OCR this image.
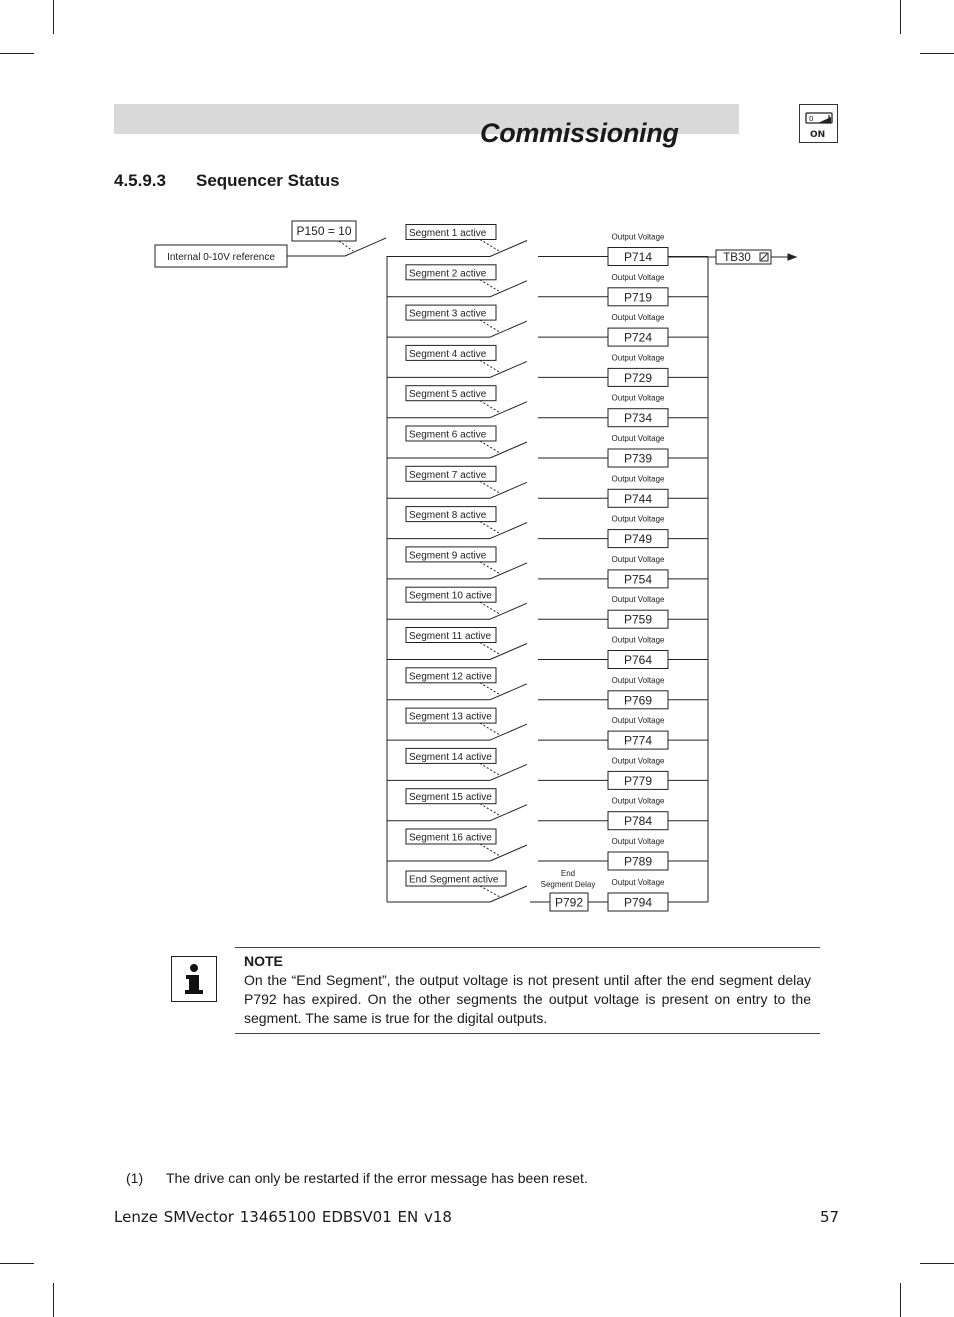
Commissioning	0
ON
4.5.9.3 Sequencer Status
P150 = 10
Internal 0-10V reference	TB30
Segment 1 active
P714
Output Voltage
Segment 2 active
P719
Output Voltage
Segment 3 active
P724
Output Voltage
Segment 4 active
P729
Output Voltage
Segment 5 active
P734
Output Voltage
Segment 6 active
P739
Output Voltage
Segment 7 active
P744
Output Voltage
Segment 8 active
P749
Output Voltage
Segment 9 active
P754
Output Voltage
Segment 10 active
P759
Output Voltage
Segment 11 active
P764
Output Voltage
Segment 12 active
P769
Output Voltage
Segment 13 active
P774
Output Voltage
Segment 14 active
P779
Output Voltage
Segment 15 active
P784
Output Voltage
Segment 16 active
P789
Output Voltage
End Segment active
P792
End
Segment Delay
P794
Output Voltage
NOTE
On the “End Segment”, the output voltage is not present until after the end segment delay P792 has expired. On the other segments the output voltage is present on entry to the segment. The same is true for the digital outputs.
(1) The drive can only be restarted if the error message has been reset.
Lenze SMVector 13465100 EDBSV01 EN v18	57
